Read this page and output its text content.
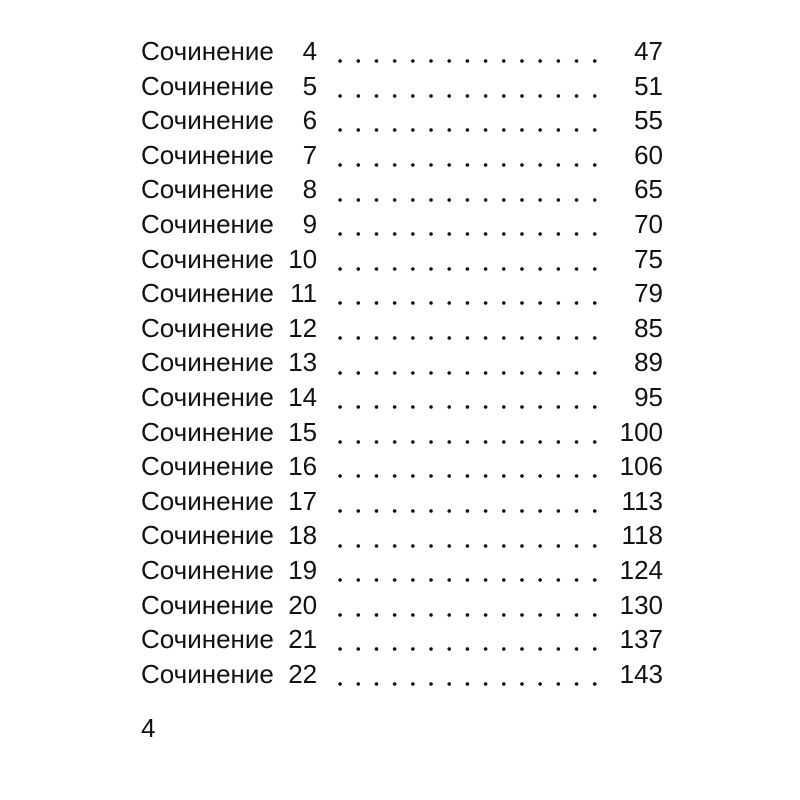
Сочинение 4	47
Сочинение 5	51
Сочинение 6	55
Сочинение 7	60
Сочинение 8	65
Сочинение 9	70
Сочинение 10	75
Сочинение 11	79
Сочинение 12	85
Сочинение 13	89
Сочинение 14	95
Сочинение 15	100
Сочинение 16	106
Сочинение 17	113
Сочинение 18	118
Сочинение 19	124
Сочинение 20	130
Сочинение 21	137
Сочинение 22	143
4
